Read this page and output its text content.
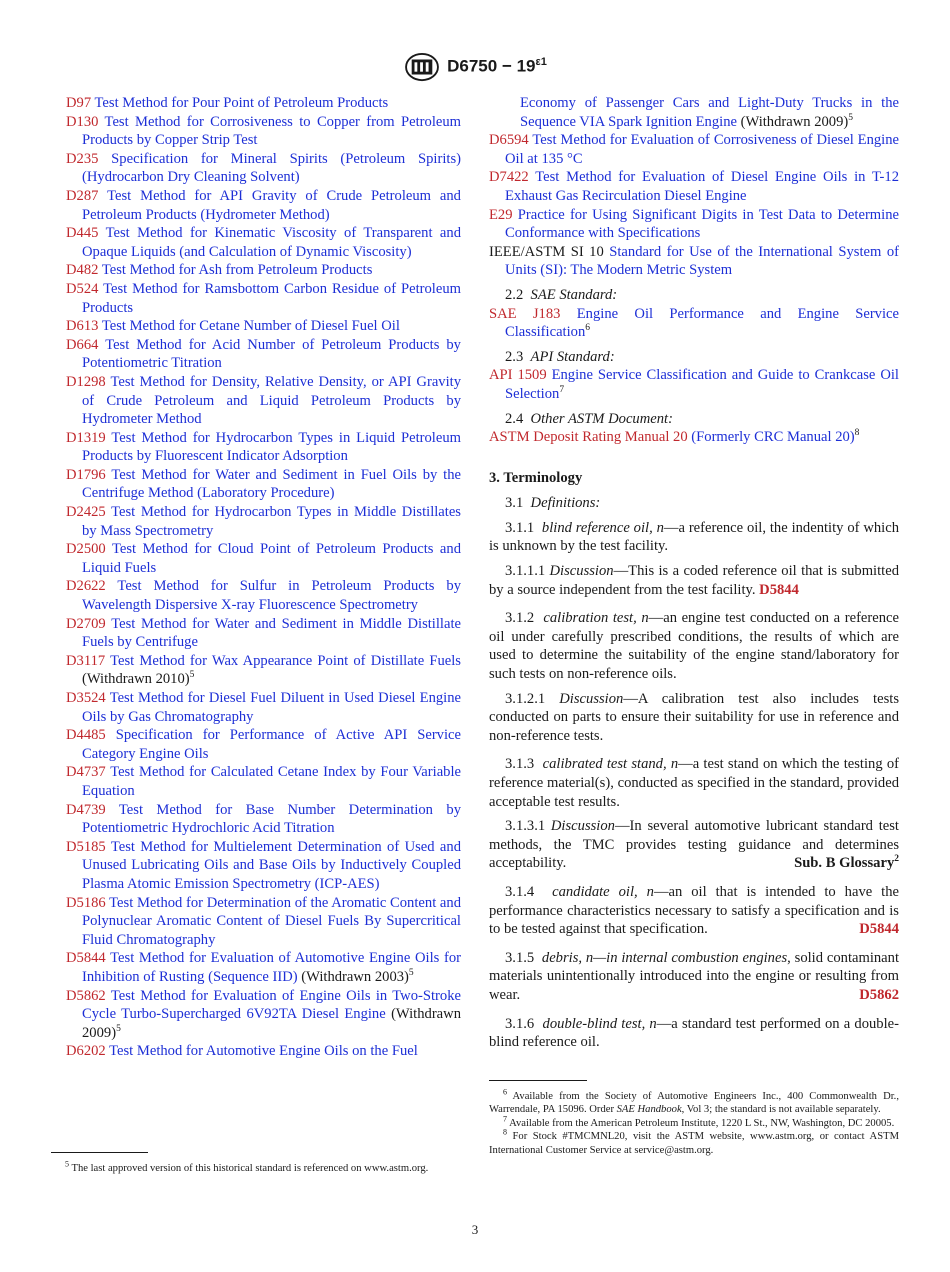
$D6750 - 19^{\varepsilon 1}$
D97 Test Method for Pour Point of Petroleum Products
D130 Test Method for Corrosiveness to Copper from Petroleum Products by Copper Strip Test
D235 Specification for Mineral Spirits (Petroleum Spirits) (Hydrocarbon Dry Cleaning Solvent)
D287 Test Method for API Gravity of Crude Petroleum and Petroleum Products (Hydrometer Method)
D445 Test Method for Kinematic Viscosity of Transparent and Opaque Liquids (and Calculation of Dynamic Viscosity)
D482 Test Method for Ash from Petroleum Products
D524 Test Method for Ramsbottom Carbon Residue of Petroleum Products
D613 Test Method for Cetane Number of Diesel Fuel Oil
D664 Test Method for Acid Number of Petroleum Products by Potentiometric Titration
D1298 Test Method for Density, Relative Density, or API Gravity of Crude Petroleum and Liquid Petroleum Products by Hydrometer Method
D1319 Test Method for Hydrocarbon Types in Liquid Petroleum Products by Fluorescent Indicator Adsorption
D1796 Test Method for Water and Sediment in Fuel Oils by the Centrifuge Method (Laboratory Procedure)
D2425 Test Method for Hydrocarbon Types in Middle Distillates by Mass Spectrometry
D2500 Test Method for Cloud Point of Petroleum Products and Liquid Fuels
D2622 Test Method for Sulfur in Petroleum Products by Wavelength Dispersive X-ray Fluorescence Spectrometry
D2709 Test Method for Water and Sediment in Middle Distillate Fuels by Centrifuge
D3117 Test Method for Wax Appearance Point of Distillate Fuels (Withdrawn 2010)$^5$
D3524 Test Method for Diesel Fuel Diluent in Used Diesel Engine Oils by Gas Chromatography
D4485 Specification for Performance of Active API Service Category Engine Oils
D4737 Test Method for Calculated Cetane Index by Four Variable Equation
D4739 Test Method for Base Number Determination by Potentiometric Hydrochloric Acid Titration
D5185 Test Method for Multielement Determination of Used and Unused Lubricating Oils and Base Oils by Inductively Coupled Plasma Atomic Emission Spectrometry (ICP-AES)
D5186 Test Method for Determination of the Aromatic Content and Polynuclear Aromatic Content of Diesel Fuels By Supercritical Fluid Chromatography
D5844 Test Method for Evaluation of Automotive Engine Oils for Inhibition of Rusting (Sequence IID) (Withdrawn 2003)$^5$
D5862 Test Method for Evaluation of Engine Oils in Two-Stroke Cycle Turbo-Supercharged 6V92TA Diesel Engine (Withdrawn 2009)$^5$
D6202 Test Method for Automotive Engine Oils on the Fuel
Economy of Passenger Cars and Light-Duty Trucks in the Sequence VIA Spark Ignition Engine (Withdrawn 2009)$^5$
D6594 Test Method for Evaluation of Corrosiveness of Diesel Engine Oil at 135 °C
D7422 Test Method for Evaluation of Diesel Engine Oils in T-12 Exhaust Gas Recirculation Diesel Engine
E29 Practice for Using Significant Digits in Test Data to Determine Conformance with Specifications
IEEE/ASTM SI 10 Standard for Use of the International System of Units (SI): The Modern Metric System
2.2 SAE Standard:
SAE J183 Engine Oil Performance and Engine Service Classification$^6$
2.3 API Standard:
API 1509 Engine Service Classification and Guide to Crankcase Oil Selection$^7$
2.4 Other ASTM Document:
ASTM Deposit Rating Manual 20 (Formerly CRC Manual 20)$^8$
3. Terminology
3.1 Definitions:
3.1.1 blind reference oil, n—a reference oil, the indentity of which is unknown by the test facility.
3.1.1.1 Discussion—This is a coded reference oil that is submitted by a source independent from the test facility. D5844
3.1.2 calibration test, n—an engine test conducted on a reference oil under carefully prescribed conditions, the results of which are used to determine the suitability of the engine stand/laboratory for such tests on non-reference oils.
3.1.2.1 Discussion—A calibration test also includes tests conducted on parts to ensure their suitability for use in reference and non-reference tests.
3.1.3 calibrated test stand, n—a test stand on which the testing of reference material(s), conducted as specified in the standard, provided acceptable test results.
3.1.3.1 Discussion—In several automotive lubricant standard test methods, the TMC provides testing guidance and determines acceptability.	Sub. B Glossary$^2$
3.1.4 candidate oil, n—an oil that is intended to have the performance characteristics necessary to satisfy a specification and is to be tested against that specification.	D5844
3.1.5 debris, n—in internal combustion engines, solid contaminant materials unintentionally introduced into the engine or resulting from wear.	D5862
3.1.6 double-blind test, n—a standard test performed on a double-blind reference oil.
$^5$ The last approved version of this historical standard is referenced on www.astm.org.
$^6$ Available from the Society of Automotive Engineers Inc., 400 Commonwealth Dr., Warrendale, PA 15096. Order SAE Handbook, Vol 3; the standard is not available separately.
$^7$ Available from the American Petroleum Institute, 1220 L St., NW, Washington, DC 20005.
$^8$ For Stock #TMCMNL20, visit the ASTM website, www.astm.org, or contact ASTM International Customer Service at service@astm.org.
3
